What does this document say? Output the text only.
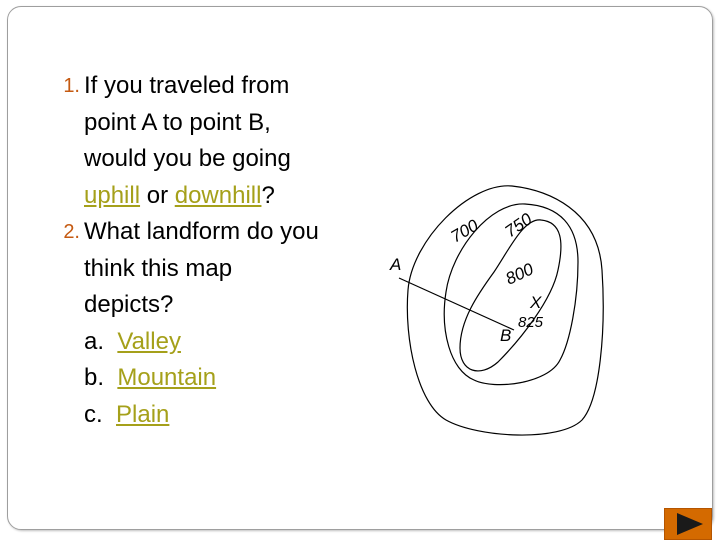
1. If you traveled from
point A to point B,
would you be going
uphill or downhill?
2. What landform do you
think this map
depicts?
a. Valley
b. Mountain
c. Plain
700 750
800
A
B
X
825
